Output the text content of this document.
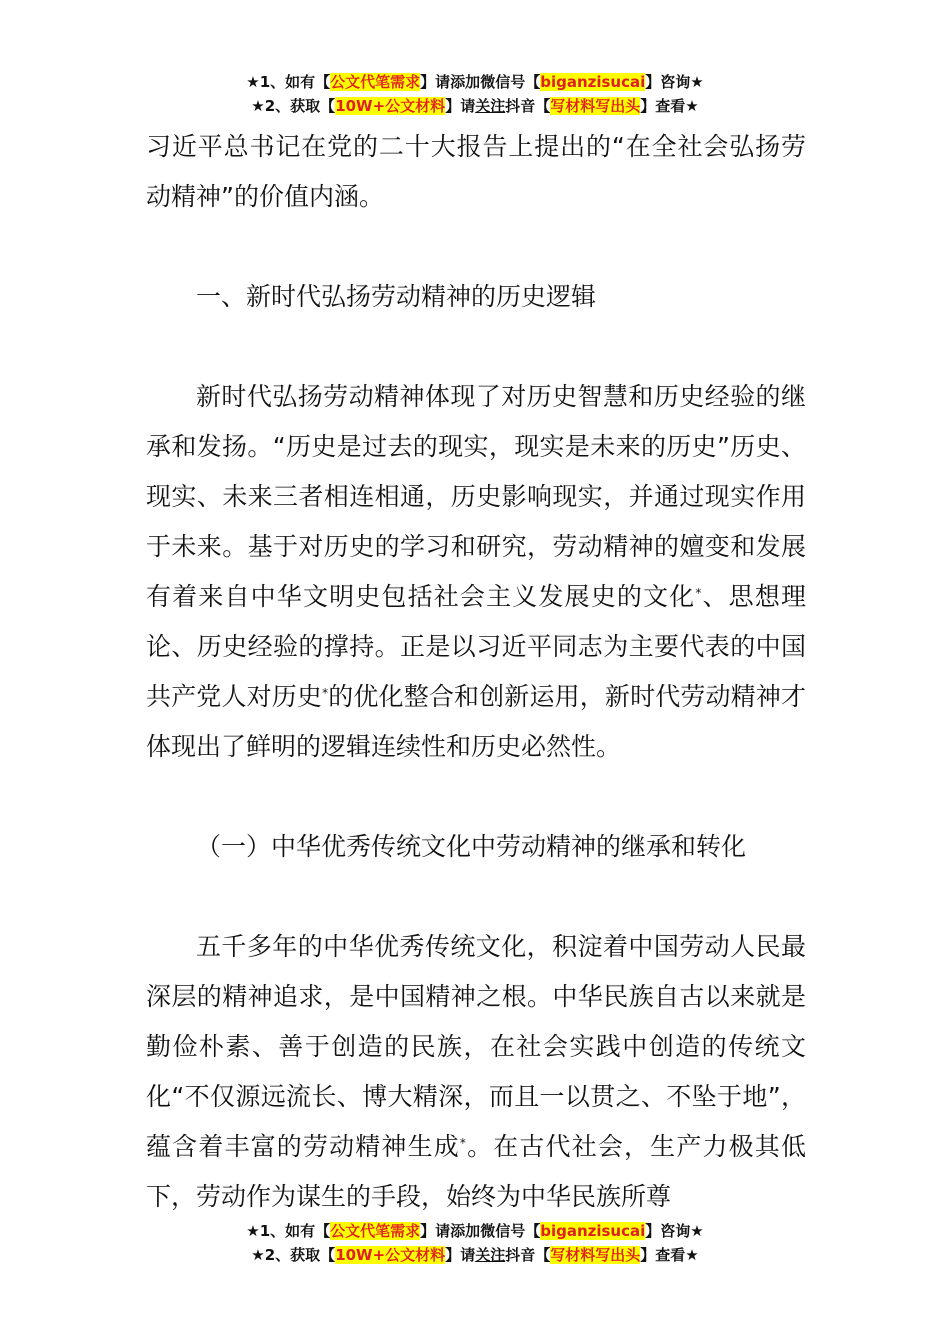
★1、如有【公文代笔需求】请添加微信号【biganzisucai】咨询★
★2、获取【10W+公文材料】请关注抖音【写材料写出头】查看★

习近平总书记在党的二十大报告上提出的“在全社会弘扬劳动精神”的价值内涵。

一、新时代弘扬劳动精神的历史逻辑

新时代弘扬劳动精神体现了对历史智慧和历史经验的继承和发扬。“历史是过去的现实，现实是未来的历史”历史、现实、未来三者相连相通，历史影响现实，并通过现实作用于未来。基于对历史的学习和研究，劳动精神的嬗变和发展有着来自中华文明史包括社会主义发展史的文化*、思想理论、历史经验的撑持。正是以习近平同志为主要代表的中国共产党人对历史*的优化整合和创新运用，新时代劳动精神才体现出了鲜明的逻辑连续性和历史必然性。

（一）中华优秀传统文化中劳动精神的继承和转化

五千多年的中华优秀传统文化，积淀着中国劳动人民最深层的精神追求，是中国精神之根。中华民族自古以来就是勤俭朴素、善于创造的民族，在社会实践中创造的传统文化“不仅源远流长、博大精深，而且一以贯之、不坠于地”，蕴含着丰富的劳动精神生成*。在古代社会，生产力极其低下，劳动作为谋生的手段，始终为中华民族所尊

★1、如有【公文代笔需求】请添加微信号【biganzisucai】咨询★
★2、获取【10W+公文材料】请关注抖音【写材料写出头】查看★
